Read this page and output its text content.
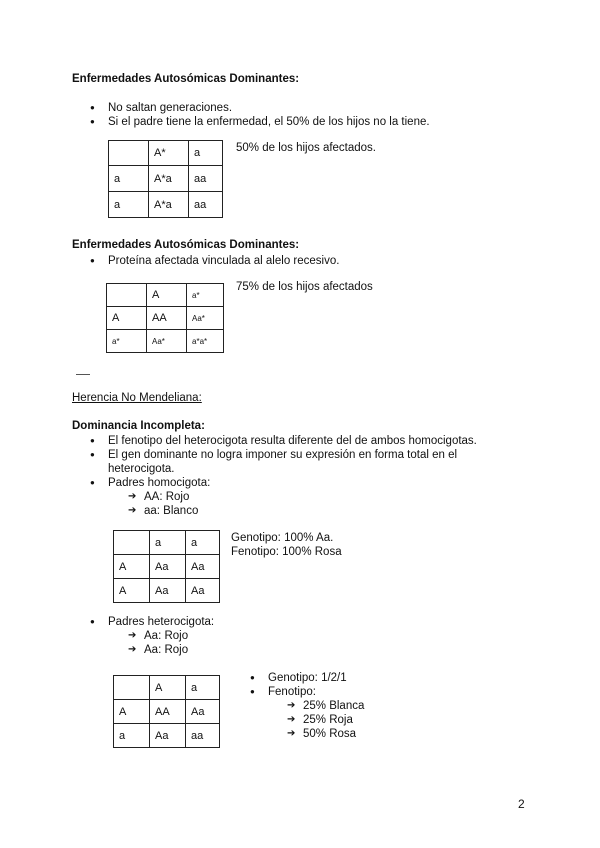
Enfermedades Autosómicas Dominantes:
● No saltan generaciones.
● Si el padre tiene la enfermedad, el 50% de los hijos no la tiene.
	A*	a
a	A*a	aa
a	A*a	aa
50% de los hijos afectados.
Enfermedades Autosómicas Dominantes:
● Proteína afectada vinculada al alelo recesivo.
	A	a*
A	AA	Aa*
a*	Aa*	a*a*
75% de los hijos afectados
Herencia No Mendeliana:
Dominancia Incompleta:
● El fenotipo del heterocigota resulta diferente del de ambos homocigotas.
● El gen dominante no logra imponer su expresión en forma total en el heterocigota.
● Padres homocigota:
➔ AA: Rojo
➔ aa: Blanco
	a	a
A	Aa	Aa
A	Aa	Aa
Genotipo: 100% Aa.
Fenotipo: 100% Rosa
● Padres heterocigota:
➔ Aa: Rojo
➔ Aa: Rojo
	A	a
A	AA	Aa
a	Aa	aa
● Genotipo: 1/2/1
● Fenotipo:
➔ 25% Blanca
➔ 25% Roja
➔ 50% Rosa
2
